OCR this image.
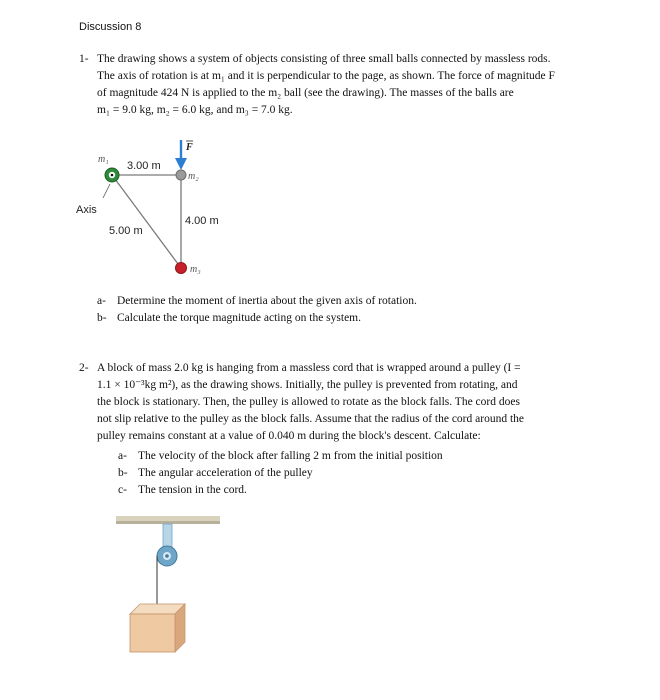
Discussion 8
1- The drawing shows a system of objects consisting of three small balls connected by massless rods.
The axis of rotation is at m₁ and it is perpendicular to the page, as shown. The force of magnitude F
of magnitude 424 N is applied to the m₂ ball (see the drawing). The masses of the balls are
m₁ = 9.0 kg, m₂ = 6.0 kg, and m₃ = 7.0 kg.
m₁
3.00 m
F
m₂
Axis
4.00 m
5.00 m
m₃
a- Determine the moment of inertia about the given axis of rotation.
b- Calculate the torque magnitude acting on the system.
2- A block of mass 2.0 kg is hanging from a massless cord that is wrapped around a pulley (I =
1.1 × 10⁻³kg m²), as the drawing shows. Initially, the pulley is prevented from rotating, and
the block is stationary. Then, the pulley is allowed to rotate as the block falls. The cord does
not slip relative to the pulley as the block falls. Assume that the radius of the cord around the
pulley remains constant at a value of 0.040 m during the block's descent. Calculate:
a- The velocity of the block after falling 2 m from the initial position
b- The angular acceleration of the pulley
c- The tension in the cord.
